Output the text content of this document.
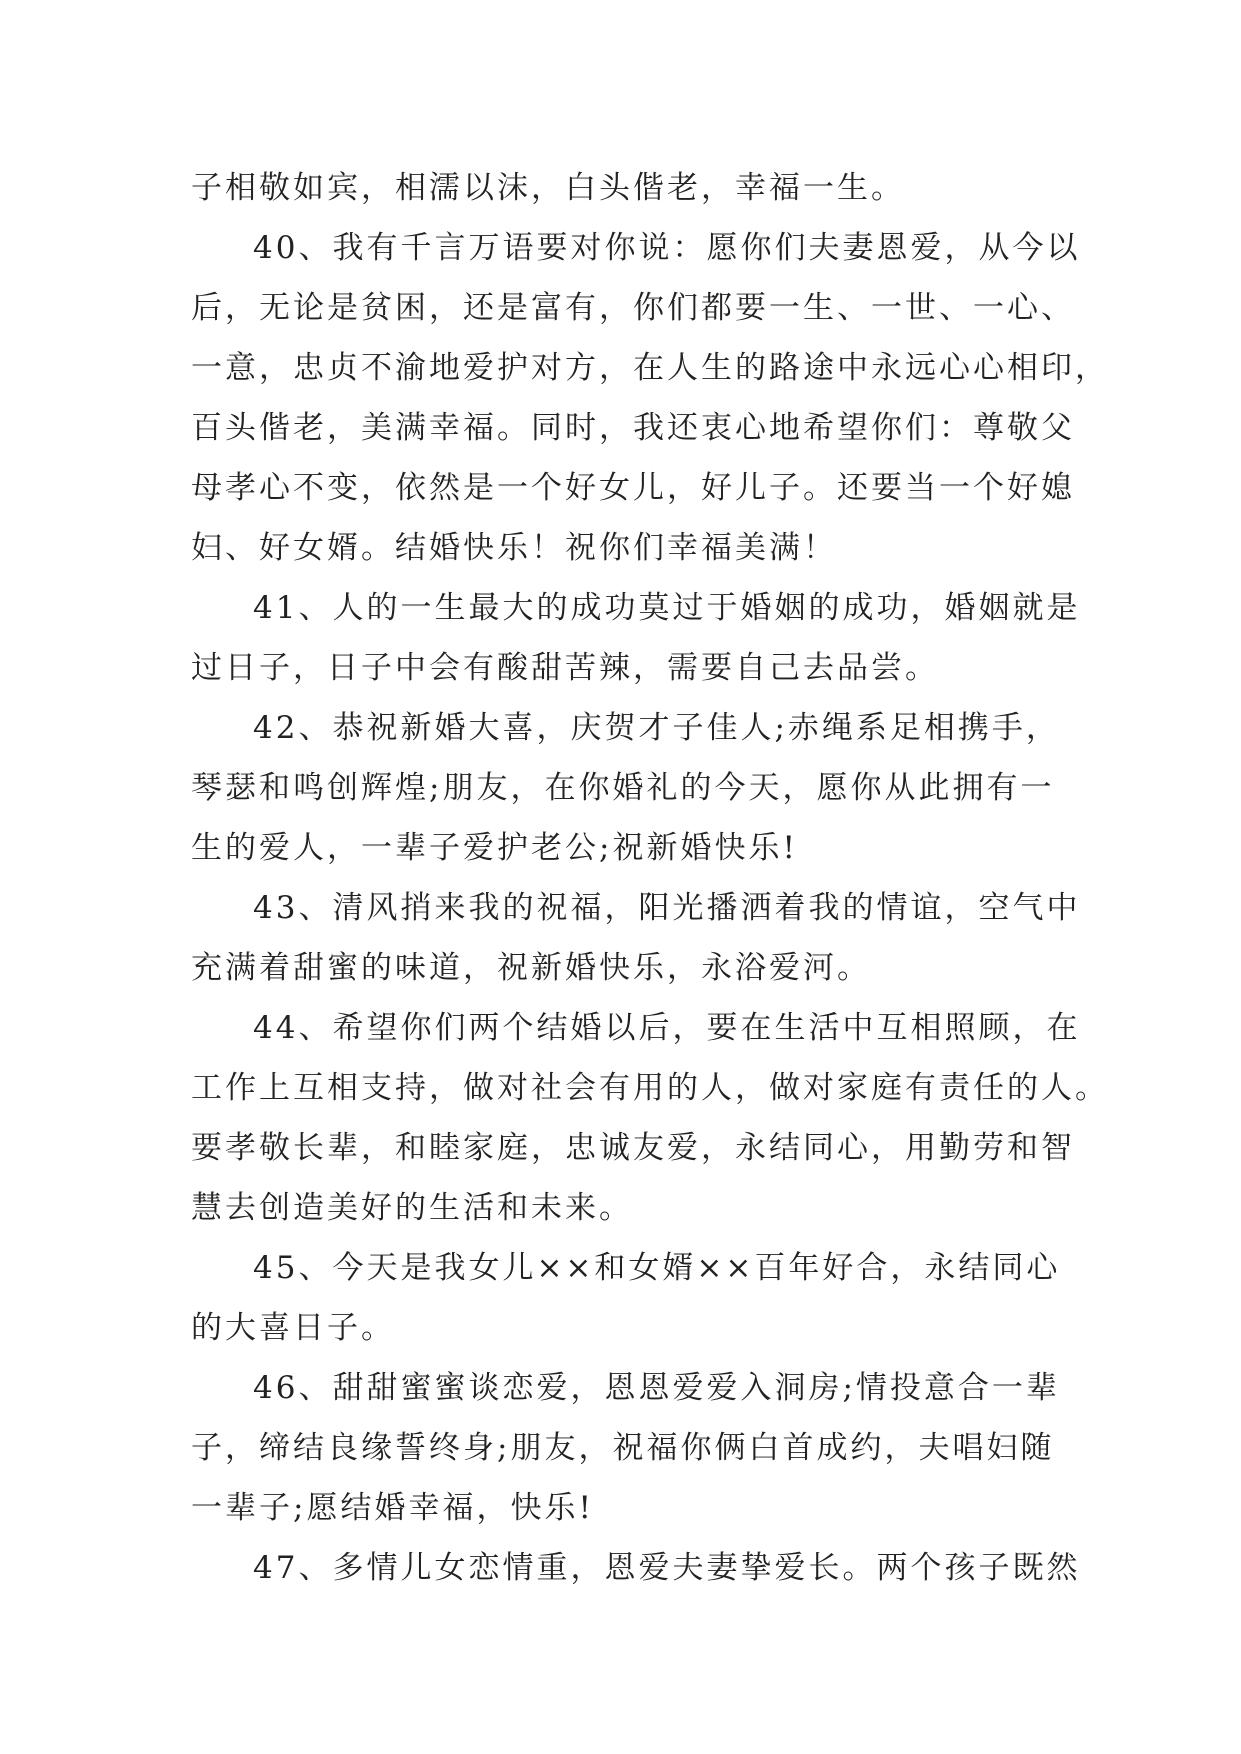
子相敬如宾，相濡以沫，白头偕老，幸福一生。
40、我有千言万语要对你说：愿你们夫妻恩爱，从今以
后，无论是贫困，还是富有，你们都要一生、一世、一心、
一意，忠贞不渝地爱护对方，在人生的路途中永远心心相印，
百头偕老，美满幸福。同时，我还衷心地希望你们：尊敬父
母孝心不变，依然是一个好女儿，好儿子。还要当一个好媳
妇、好女婿。结婚快乐！祝你们幸福美满！
41、人的一生最大的成功莫过于婚姻的成功，婚姻就是
过日子，日子中会有酸甜苦辣，需要自己去品尝。
42、恭祝新婚大喜，庆贺才子佳人;赤绳系足相携手，
琴瑟和鸣创辉煌;朋友，在你婚礼的今天，愿你从此拥有一
生的爱人，一辈子爱护老公;祝新婚快乐!
43、清风捎来我的祝福，阳光播洒着我的情谊，空气中
充满着甜蜜的味道，祝新婚快乐，永浴爱河。
44、希望你们两个结婚以后，要在生活中互相照顾，在
工作上互相支持，做对社会有用的人，做对家庭有责任的人。
要孝敬长辈，和睦家庭，忠诚友爱，永结同心，用勤劳和智
慧去创造美好的生活和未来。
45、今天是我女儿××和女婿××百年好合，永结同心
的大喜日子。
46、甜甜蜜蜜谈恋爱，恩恩爱爱入洞房;情投意合一辈
子，缔结良缘誓终身;朋友，祝福你俩白首成约，夫唱妇随
一辈子;愿结婚幸福，快乐!
47、多情儿女恋情重，恩爱夫妻挚爱长。两个孩子既然
